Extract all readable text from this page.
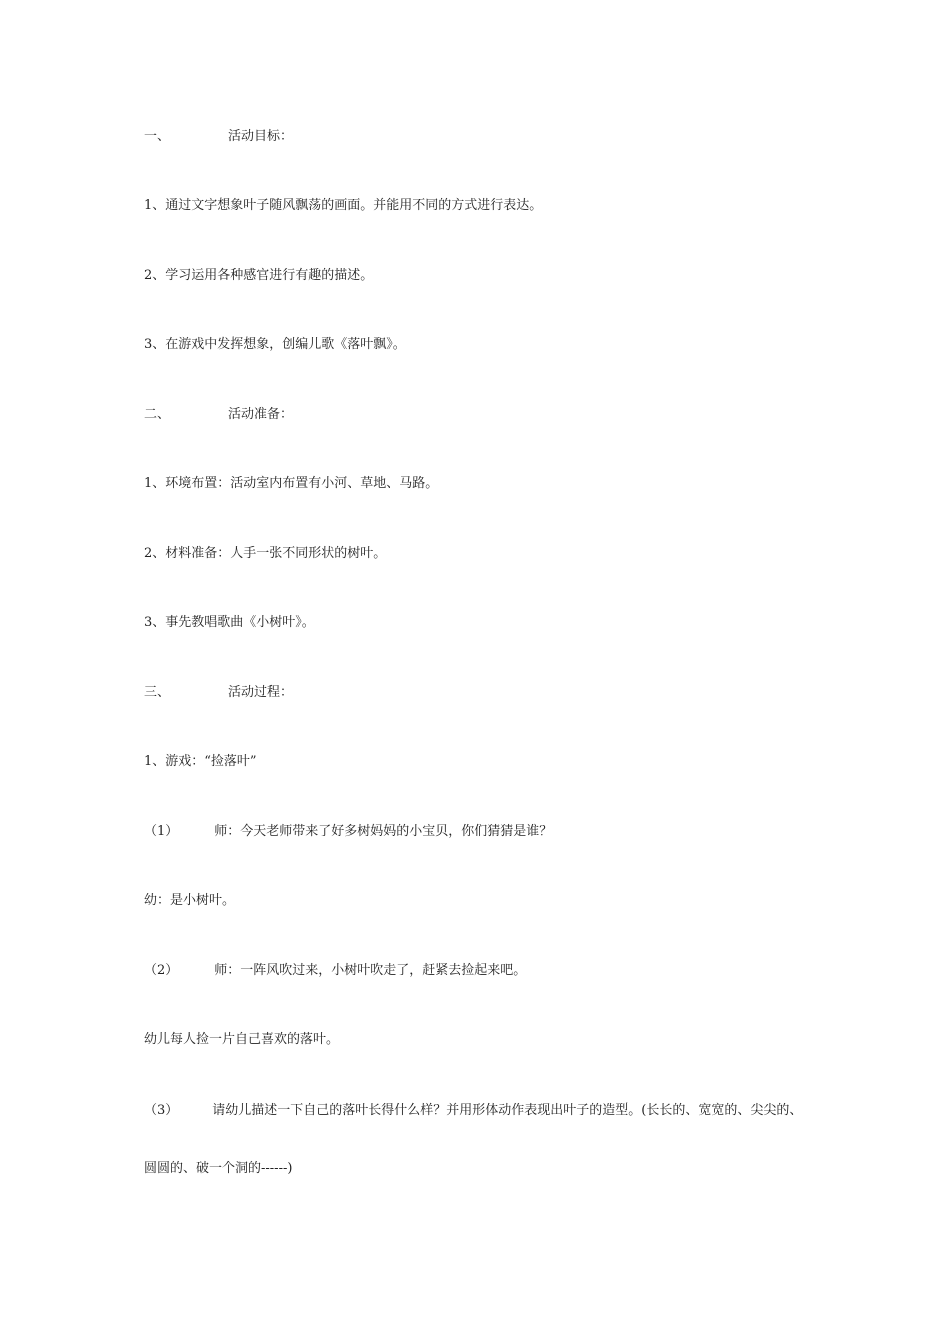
一、	活动目标：
1、通过文字想象叶子随风飘荡的画面。并能用不同的方式进行表达。
2、学习运用各种感官进行有趣的描述。
3、在游戏中发挥想象，创编儿歌《落叶飘》。
二、	活动准备：
1、环境布置：活动室内布置有小河、草地、马路。
2、材料准备：人手一张不同形状的树叶。
3、事先教唱歌曲《小树叶》。
三、	活动过程：
1、游戏：“捡落叶”
（1）	师：今天老师带来了好多树妈妈的小宝贝，你们猜猜是谁？
幼：是小树叶。
（2）	师：一阵风吹过来，小树叶吹走了，赶紧去捡起来吧。
幼儿每人捡一片自己喜欢的落叶。
（3）	请幼儿描述一下自己的落叶长得什么样？并用形体动作表现出叶子的造型。(长长的、宽宽的、尖尖的、圆圆的、破一个洞的------)
